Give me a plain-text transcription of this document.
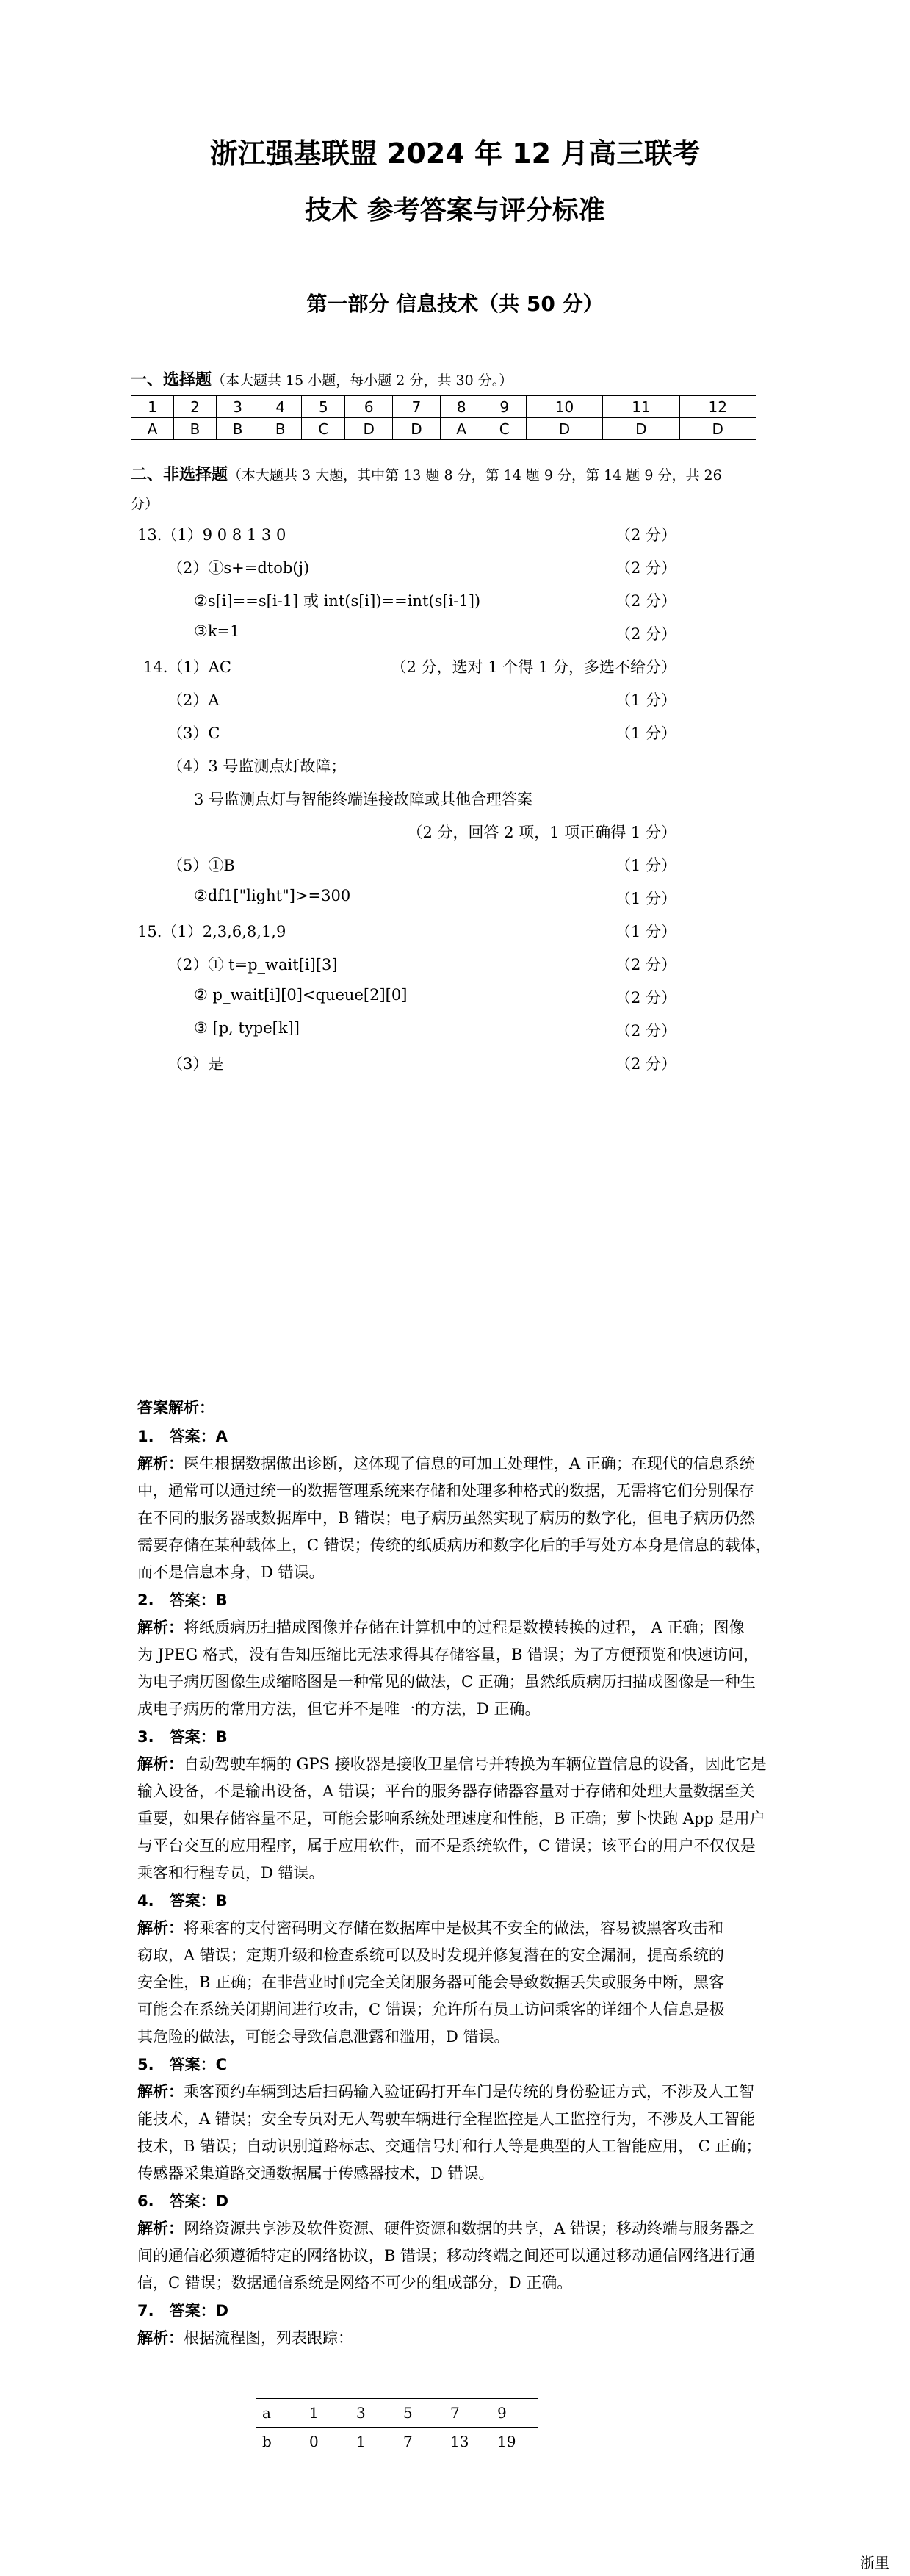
浙江强基联盟 2024 年 12 月高三联考
技术 参考答案与评分标准
第一部分 信息技术（共 50 分）
一、选择题（本大题共 15 小题，每小题 2 分，共 30 分。）
1	2	3	4	5	6	7	8	9	10	11	12
A	B	B	B	C	D	D	A	C	D	D	D
二、非选择题（本大题共 3 大题，其中第 13 题 8 分，第 14 题 9 分，第 14 题 9 分，共 26
分）
13.（1）9 0 8 1 3 0	（2 分）
（2）①s+=dtob(j)	（2 分）
②s[i]==s[i-1] 或 int(s[i])==int(s[i-1])	（2 分）
③k=1	（2 分）
14.（1）AC	（2 分，选对 1 个得 1 分，多选不给分）
（2）A	（1 分）
（3）C	（1 分）
（4）3 号监测点灯故障；
3 号监测点灯与智能终端连接故障或其他合理答案
（2 分，回答 2 项，1 项正确得 1 分）
（5）①B	（1 分）
②df1["light"]>=300	（1 分）
15.（1）2,3,6,8,1,9	（1 分）
（2）① t=p_wait[i][3]	（2 分）
② p_wait[i][0]<queue[2][0]	（2 分）
③ [p, type[k]]	（2 分）
（3）是	（2 分）
答案解析：
1.　答案：A
解析：医生根据数据做出诊断，这体现了信息的可加工处理性，A 正确；在现代的信息系统
中，通常可以通过统一的数据管理系统来存储和处理多种格式的数据，无需将它们分别保存
在不同的服务器或数据库中，B 错误；电子病历虽然实现了病历的数字化，但电子病历仍然
需要存储在某种载体上，C 错误；传统的纸质病历和数字化后的手写处方本身是信息的载体，
而不是信息本身，D 错误。
2.　答案：B
解析：将纸质病历扫描成图像并存储在计算机中的过程是数模转换的过程， A 正确；图像
为 JPEG 格式，没有告知压缩比无法求得其存储容量，B 错误；为了方便预览和快速访问，
为电子病历图像生成缩略图是一种常见的做法，C 正确；虽然纸质病历扫描成图像是一种生
成电子病历的常用方法，但它并不是唯一的方法，D 正确。
3.　答案：B
解析：自动驾驶车辆的 GPS 接收器是接收卫星信号并转换为车辆位置信息的设备，因此它是
输入设备，不是输出设备，A 错误；平台的服务器存储器容量对于存储和处理大量数据至关
重要，如果存储容量不足，可能会影响系统处理速度和性能，B 正确；萝卜快跑 App 是用户
与平台交互的应用程序，属于应用软件，而不是系统软件，C 错误；该平台的用户不仅仅是
乘客和行程专员，D 错误。
4.　答案：B
解析：将乘客的支付密码明文存储在数据库中是极其不安全的做法，容易被黑客攻击和
窃取，A 错误；定期升级和检查系统可以及时发现并修复潜在的安全漏洞，提高系统的
安全性，B 正确；在非营业时间完全关闭服务器可能会导致数据丢失或服务中断，黑客
可能会在系统关闭期间进行攻击，C 错误；允许所有员工访问乘客的详细个人信息是极
其危险的做法，可能会导致信息泄露和滥用，D 错误。
5.　答案：C
解析：乘客预约车辆到达后扫码输入验证码打开车门是传统的身份验证方式，不涉及人工智
能技术，A 错误；安全专员对无人驾驶车辆进行全程监控是人工监控行为，不涉及人工智能
技术，B 错误；自动识别道路标志、交通信号灯和行人等是典型的人工智能应用， C 正确；
传感器采集道路交通数据属于传感器技术，D 错误。
6.　答案：D
解析：网络资源共享涉及软件资源、硬件资源和数据的共享，A 错误；移动终端与服务器之
间的通信必须遵循特定的网络协议，B 错误；移动终端之间还可以通过移动通信网络进行通
信，C 错误；数据通信系统是网络不可少的组成部分，D 正确。
7.　答案：D
解析：根据流程图，列表跟踪：
a	1	3	5	7	9
b	0	1	7	13	19
浙里
